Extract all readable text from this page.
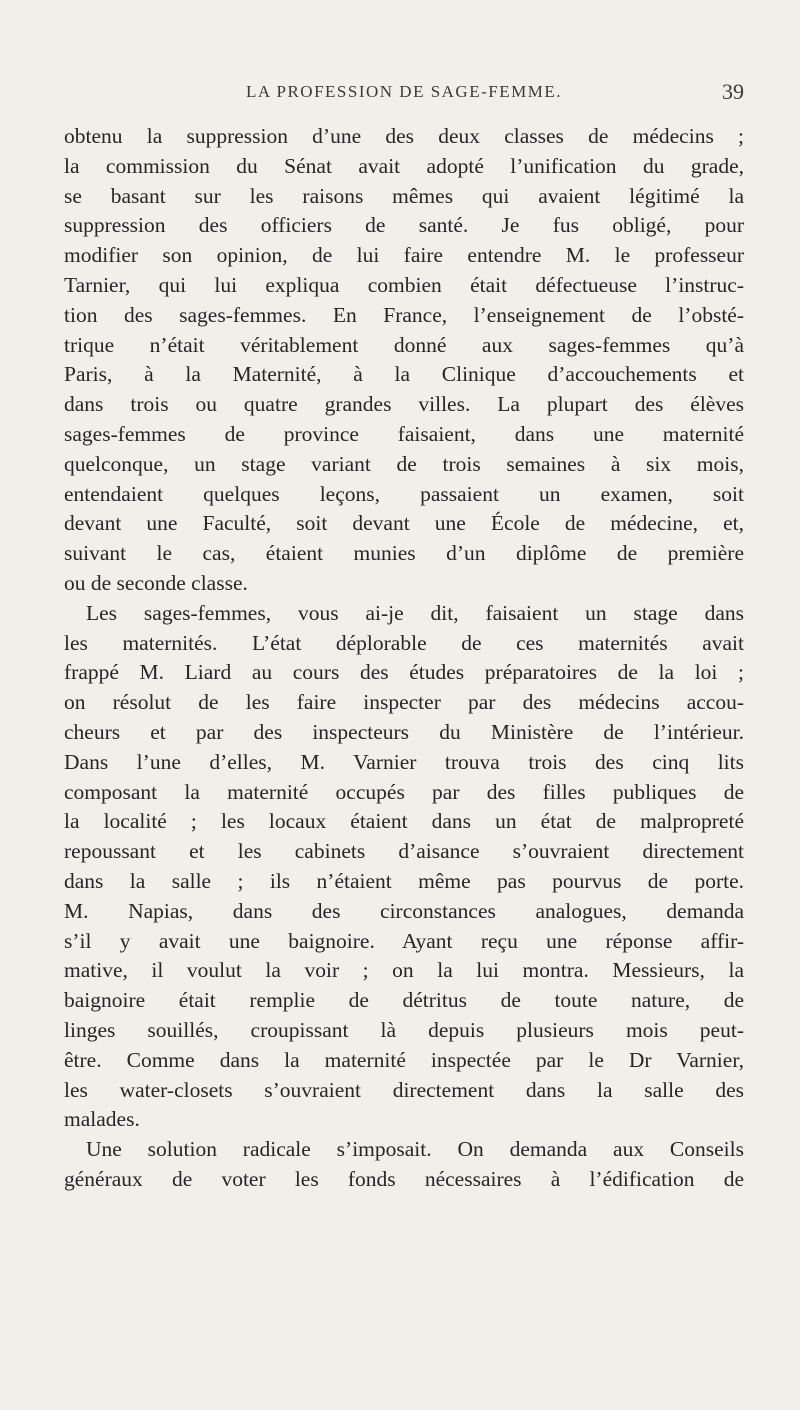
LA PROFESSION DE SAGE-FEMME.	39

obtenu la suppression d’une des deux classes de médecins ;
la commission du Sénat avait adopté l’unification du grade,
se basant sur les raisons mêmes qui avaient légitimé la
suppression des officiers de santé. Je fus obligé, pour
modifier son opinion, de lui faire entendre M. le professeur
Tarnier, qui lui expliqua combien était défectueuse l’instruc-
tion des sages-femmes. En France, l’enseignement de l’obsté-
trique n’était véritablement donné aux sages-femmes qu’à
Paris, à la Maternité, à la Clinique d’accouchements et
dans trois ou quatre grandes villes. La plupart des élèves
sages-femmes de province faisaient, dans une maternité
quelconque, un stage variant de trois semaines à six mois,
entendaient quelques leçons, passaient un examen, soit
devant une Faculté, soit devant une École de médecine, et,
suivant le cas, étaient munies d’un diplôme de première
ou de seconde classe.

Les sages-femmes, vous ai-je dit, faisaient un stage dans
les maternités. L’état déplorable de ces maternités avait
frappé M. Liard au cours des études préparatoires de la loi ;
on résolut de les faire inspecter par des médecins accou-
cheurs et par des inspecteurs du Ministère de l’intérieur.
Dans l’une d’elles, M. Varnier trouva trois des cinq lits
composant la maternité occupés par des filles publiques de
la localité ; les locaux étaient dans un état de malpropreté
repoussant et les cabinets d’aisance s’ouvraient directement
dans la salle ; ils n’étaient même pas pourvus de porte.
M. Napias, dans des circonstances analogues, demanda
s’il y avait une baignoire. Ayant reçu une réponse affir-
mative, il voulut la voir ; on la lui montra. Messieurs, la
baignoire était remplie de détritus de toute nature, de
linges souillés, croupissant là depuis plusieurs mois peut-
être. Comme dans la maternité inspectée par le Dr Varnier,
les water-closets s’ouvraient directement dans la salle des
malades.

Une solution radicale s’imposait. On demanda aux Conseils
généraux de voter les fonds nécessaires à l’édification de
